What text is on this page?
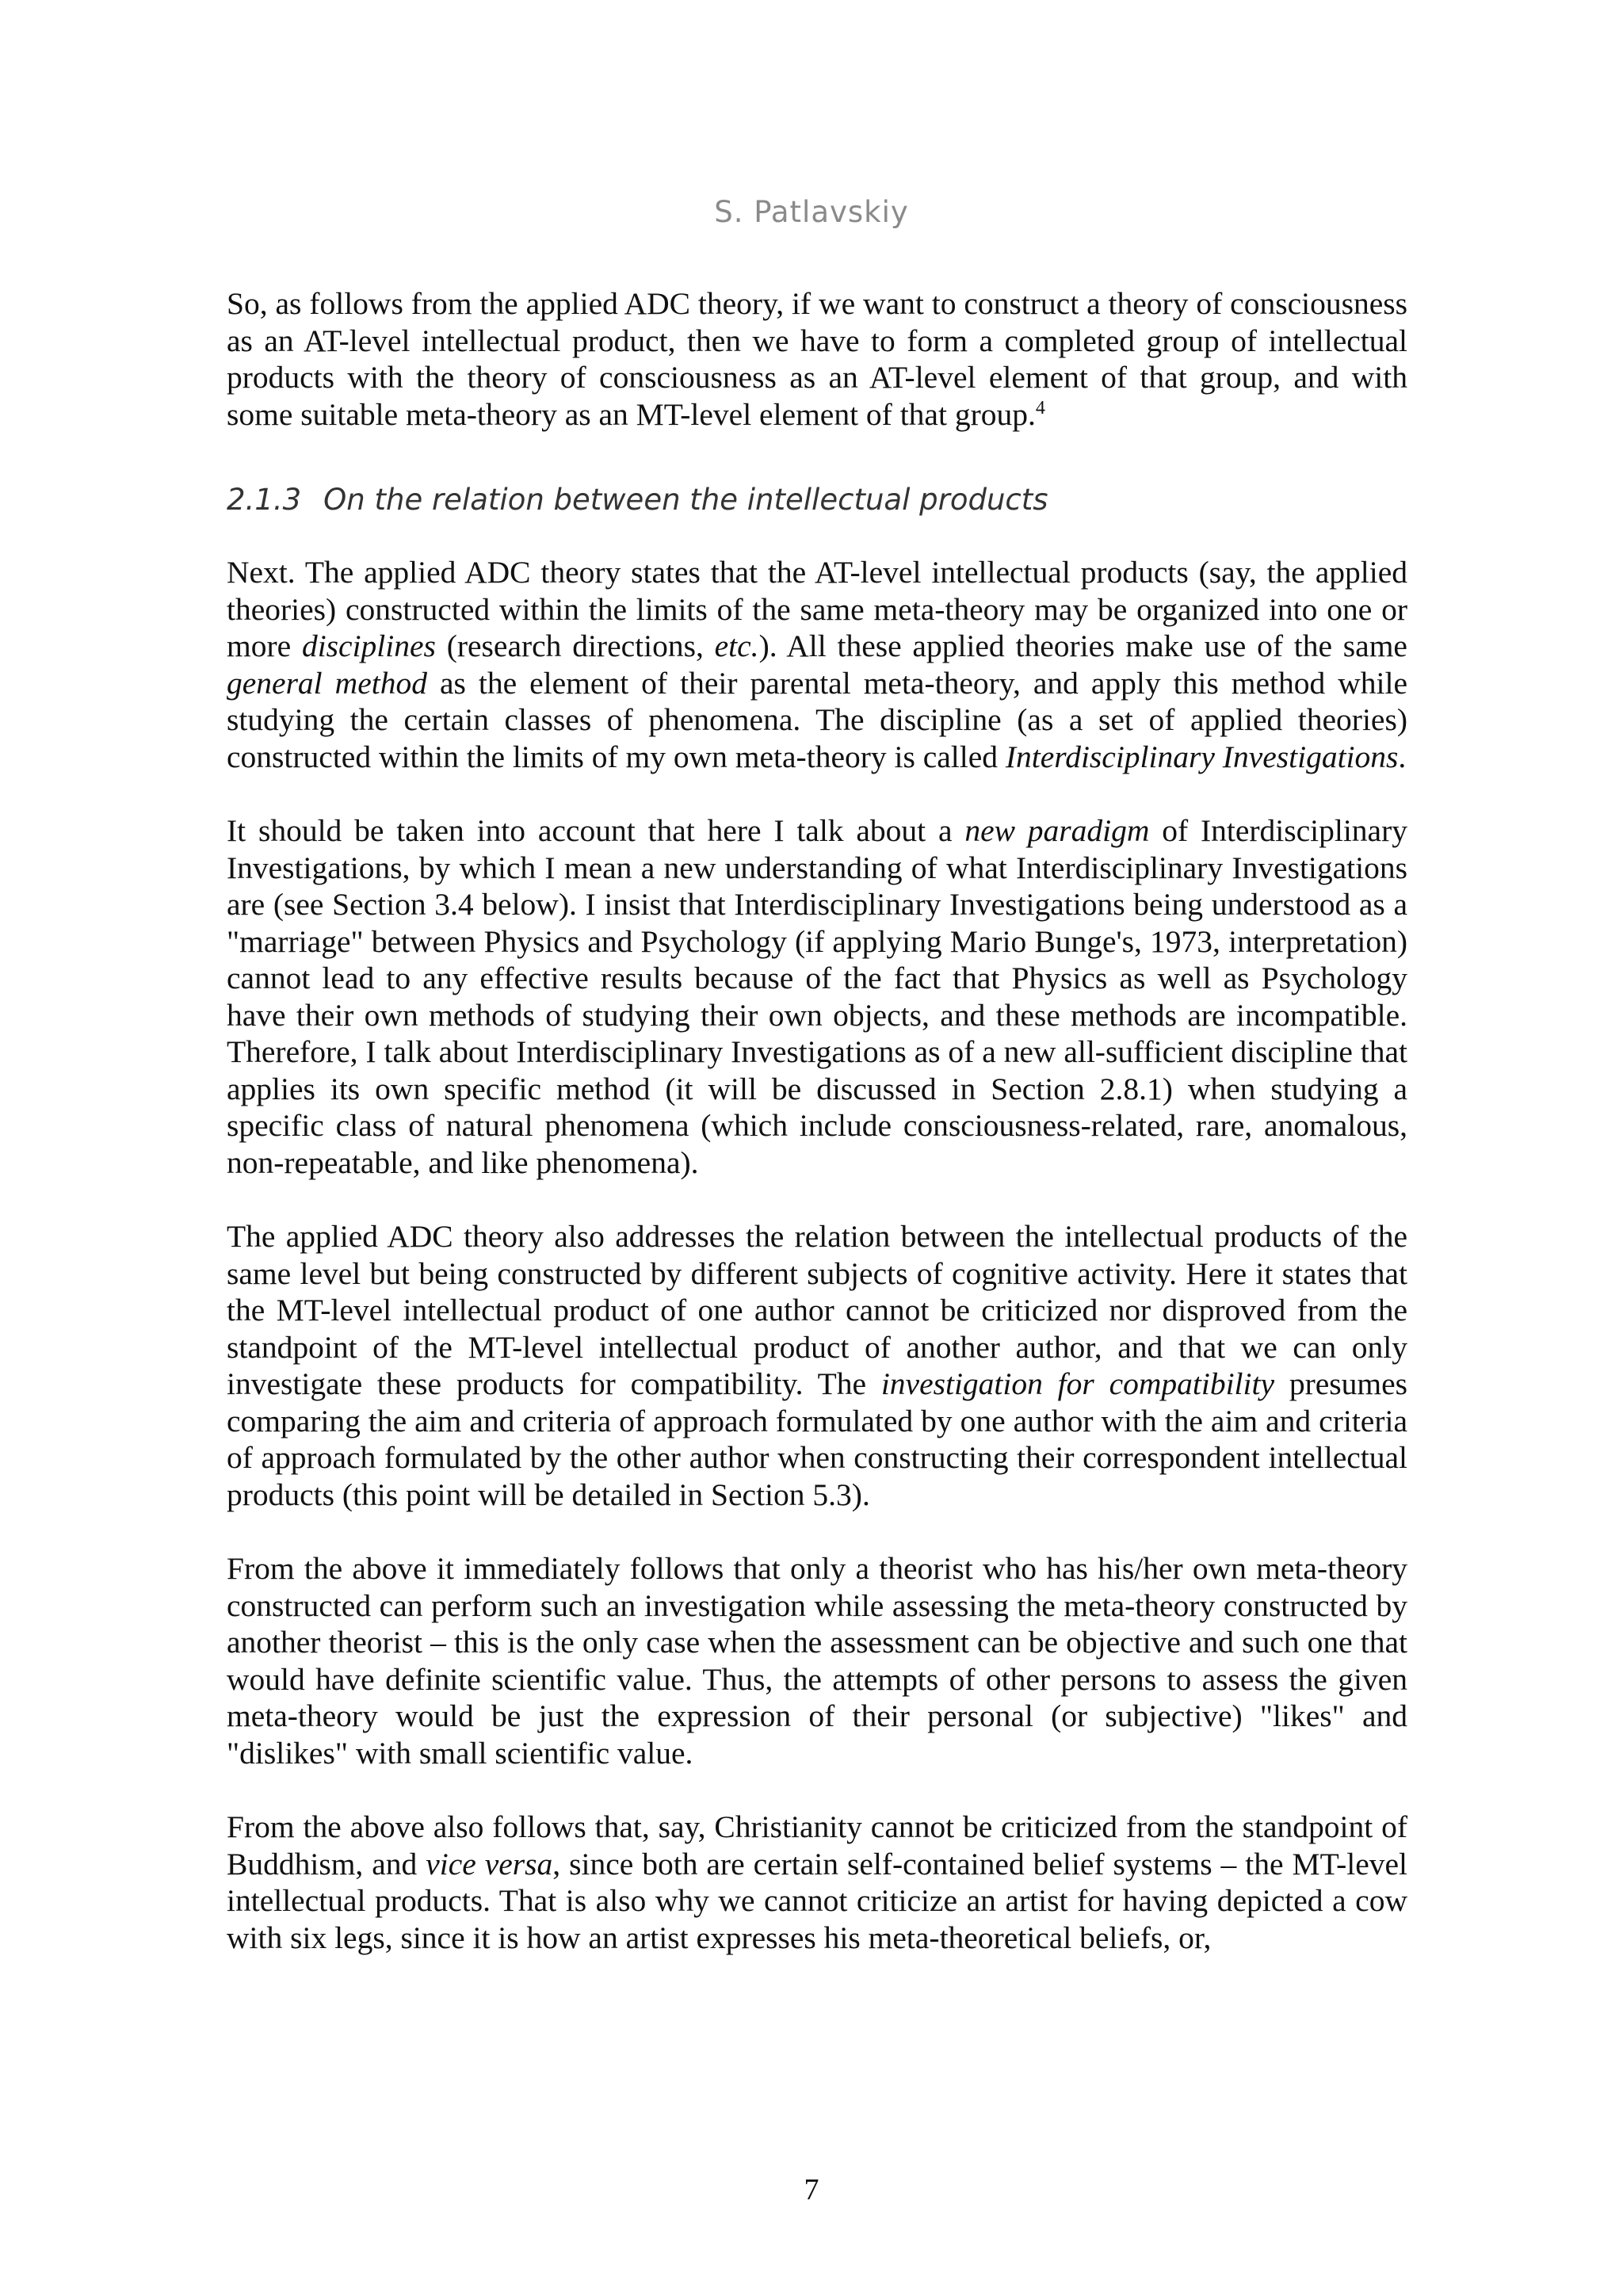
S. Patlavskiy

So, as follows from the applied ADC theory, if we want to construct a theory of consciousness as an AT-level intellectual product, then we have to form a completed group of intellectual products with the theory of consciousness as an AT-level element of that group, and with some suitable meta-theory as an MT-level element of that group.$^4$

2.1.3 On the relation between the intellectual products

Next. The applied ADC theory states that the AT-level intellectual products (say, the applied theories) constructed within the limits of the same meta-theory may be organized into one or more disciplines (research directions, etc.). All these applied theories make use of the same general method as the element of their parental meta-theory, and apply this method while studying the certain classes of phenomena. The discipline (as a set of applied theories) constructed within the limits of my own meta-theory is called Interdisciplinary Investigations.

It should be taken into account that here I talk about a new paradigm of Interdisciplinary Investigations, by which I mean a new understanding of what Interdisciplinary Investigations are (see Section 3.4 below). I insist that Interdisciplinary Investigations being understood as a "marriage" between Physics and Psychology (if applying Mario Bunge's, 1973, interpretation) cannot lead to any effective results because of the fact that Physics as well as Psychology have their own methods of studying their own objects, and these methods are incompatible. Therefore, I talk about Interdisciplinary Investigations as of a new all-sufficient discipline that applies its own specific method (it will be discussed in Section 2.8.1) when studying a specific class of natural phenomena (which include consciousness-related, rare, anomalous, non-repeatable, and like phenomena).

The applied ADC theory also addresses the relation between the intellectual products of the same level but being constructed by different subjects of cognitive activity. Here it states that the MT-level intellectual product of one author cannot be criticized nor disproved from the standpoint of the MT-level intellectual product of another author, and that we can only investigate these products for compatibility. The investigation for compatibility presumes comparing the aim and criteria of approach formulated by one author with the aim and criteria of approach formulated by the other author when constructing their correspondent intellectual products (this point will be detailed in Section 5.3).

From the above it immediately follows that only a theorist who has his/her own meta-theory constructed can perform such an investigation while assessing the meta-theory constructed by another theorist – this is the only case when the assessment can be objective and such one that would have definite scientific value. Thus, the attempts of other persons to assess the given meta-theory would be just the expression of their personal (or subjective) "likes" and "dislikes" with small scientific value.

From the above also follows that, say, Christianity cannot be criticized from the standpoint of Buddhism, and vice versa, since both are certain self-contained belief systems – the MT-level intellectual products. That is also why we cannot criticize an artist for having depicted a cow with six legs, since it is how an artist expresses his meta-theoretical beliefs, or,

7
